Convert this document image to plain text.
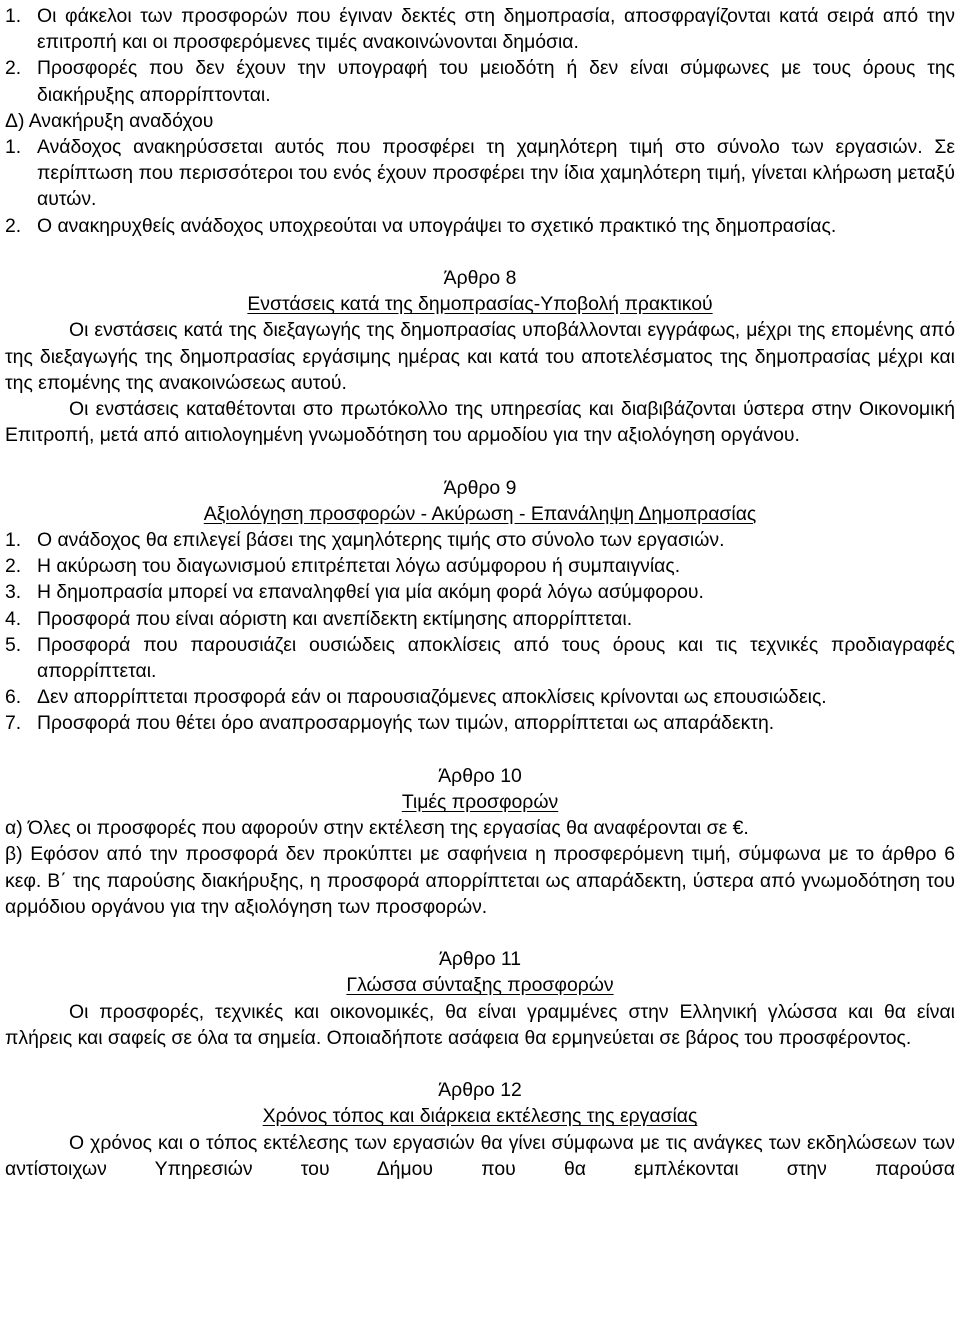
1. Οι φάκελοι των προσφορών που έγιναν δεκτές στη δημοπρασία, αποσφραγίζονται κατά σειρά από την επιτροπή και οι προσφερόμενες τιμές ανακοινώνονται δημόσια.

2. Προσφορές που δεν έχουν την υπογραφή του μειοδότη ή δεν είναι σύμφωνες με τους όρους της διακήρυξης απορρίπτονται.

Δ) Ανακήρυξη αναδόχου

1. Ανάδοχος ανακηρύσσεται αυτός που προσφέρει τη χαμηλότερη τιμή στο σύνολο των εργασιών. Σε περίπτωση που περισσότεροι του ενός έχουν προσφέρει την ίδια χαμηλότερη τιμή, γίνεται κλήρωση μεταξύ αυτών.

2. Ο ανακηρυχθείς ανάδοχος υποχρεούται να υπογράψει το σχετικό πρακτικό της δημοπρασίας.

Άρθρο 8

Ενστάσεις κατά της δημοπρασίας-Υποβολή πρακτικού

Οι ενστάσεις κατά της διεξαγωγής της δημοπρασίας υποβάλλονται εγγράφως, μέχρι της επομένης από της διεξαγωγής της δημοπρασίας εργάσιμης ημέρας και κατά του αποτελέσματος της δημοπρασίας μέχρι και της επομένης της ανακοινώσεως αυτού.

Οι ενστάσεις καταθέτονται στο πρωτόκολλο της υπηρεσίας και διαβιβάζονται ύστερα στην Οικονομική Επιτροπή, μετά από αιτιολογημένη γνωμοδότηση του αρμοδίου για την αξιολόγηση οργάνου.

Άρθρο 9

Αξιολόγηση προσφορών - Ακύρωση - Επανάληψη Δημοπρασίας

1. Ο ανάδοχος θα επιλεγεί βάσει της χαμηλότερης τιμής στο σύνολο των εργασιών.

2. Η ακύρωση του διαγωνισμού επιτρέπεται λόγω ασύμφορου ή συμπαιγνίας.

3. Η δημοπρασία μπορεί να επαναληφθεί για μία ακόμη φορά λόγω ασύμφορου.

4. Προσφορά που είναι αόριστη και ανεπίδεκτη εκτίμησης απορρίπτεται.

5. Προσφορά που παρουσιάζει ουσιώδεις αποκλίσεις από τους όρους και τις τεχνικές προδιαγραφές απορρίπτεται.

6. Δεν απορρίπτεται προσφορά εάν οι παρουσιαζόμενες αποκλίσεις κρίνονται ως επουσιώδεις.

7. Προσφορά που θέτει όρο αναπροσαρμογής των τιμών, απορρίπτεται ως απαράδεκτη.

Άρθρο 10

Τιμές προσφορών

α) Όλες οι προσφορές που αφορούν στην εκτέλεση της εργασίας θα αναφέρονται σε €.

β) Εφόσον από την προσφορά δεν προκύπτει με σαφήνεια η προσφερόμενη τιμή, σύμφωνα με το άρθρο 6 κεφ. Β΄ της παρούσης διακήρυξης, η προσφορά απορρίπτεται ως απαράδεκτη, ύστερα από γνωμοδότηση του αρμόδιου οργάνου για την αξιολόγηση των προσφορών.

Άρθρο 11

Γλώσσα σύνταξης προσφορών

Οι προσφορές, τεχνικές και οικονομικές, θα είναι γραμμένες στην Ελληνική γλώσσα και θα είναι πλήρεις και σαφείς σε όλα τα σημεία. Οποιαδήποτε ασάφεια θα ερμηνεύεται σε βάρος του προσφέροντος.

Άρθρο 12

Χρόνος τόπος και διάρκεια εκτέλεσης της εργασίας

Ο χρόνος και ο τόπος εκτέλεσης των εργασιών θα γίνει σύμφωνα με τις ανάγκες των εκδηλώσεων των αντίστοιχων Υπηρεσιών του Δήμου που θα εμπλέκονται στην παρούσα
